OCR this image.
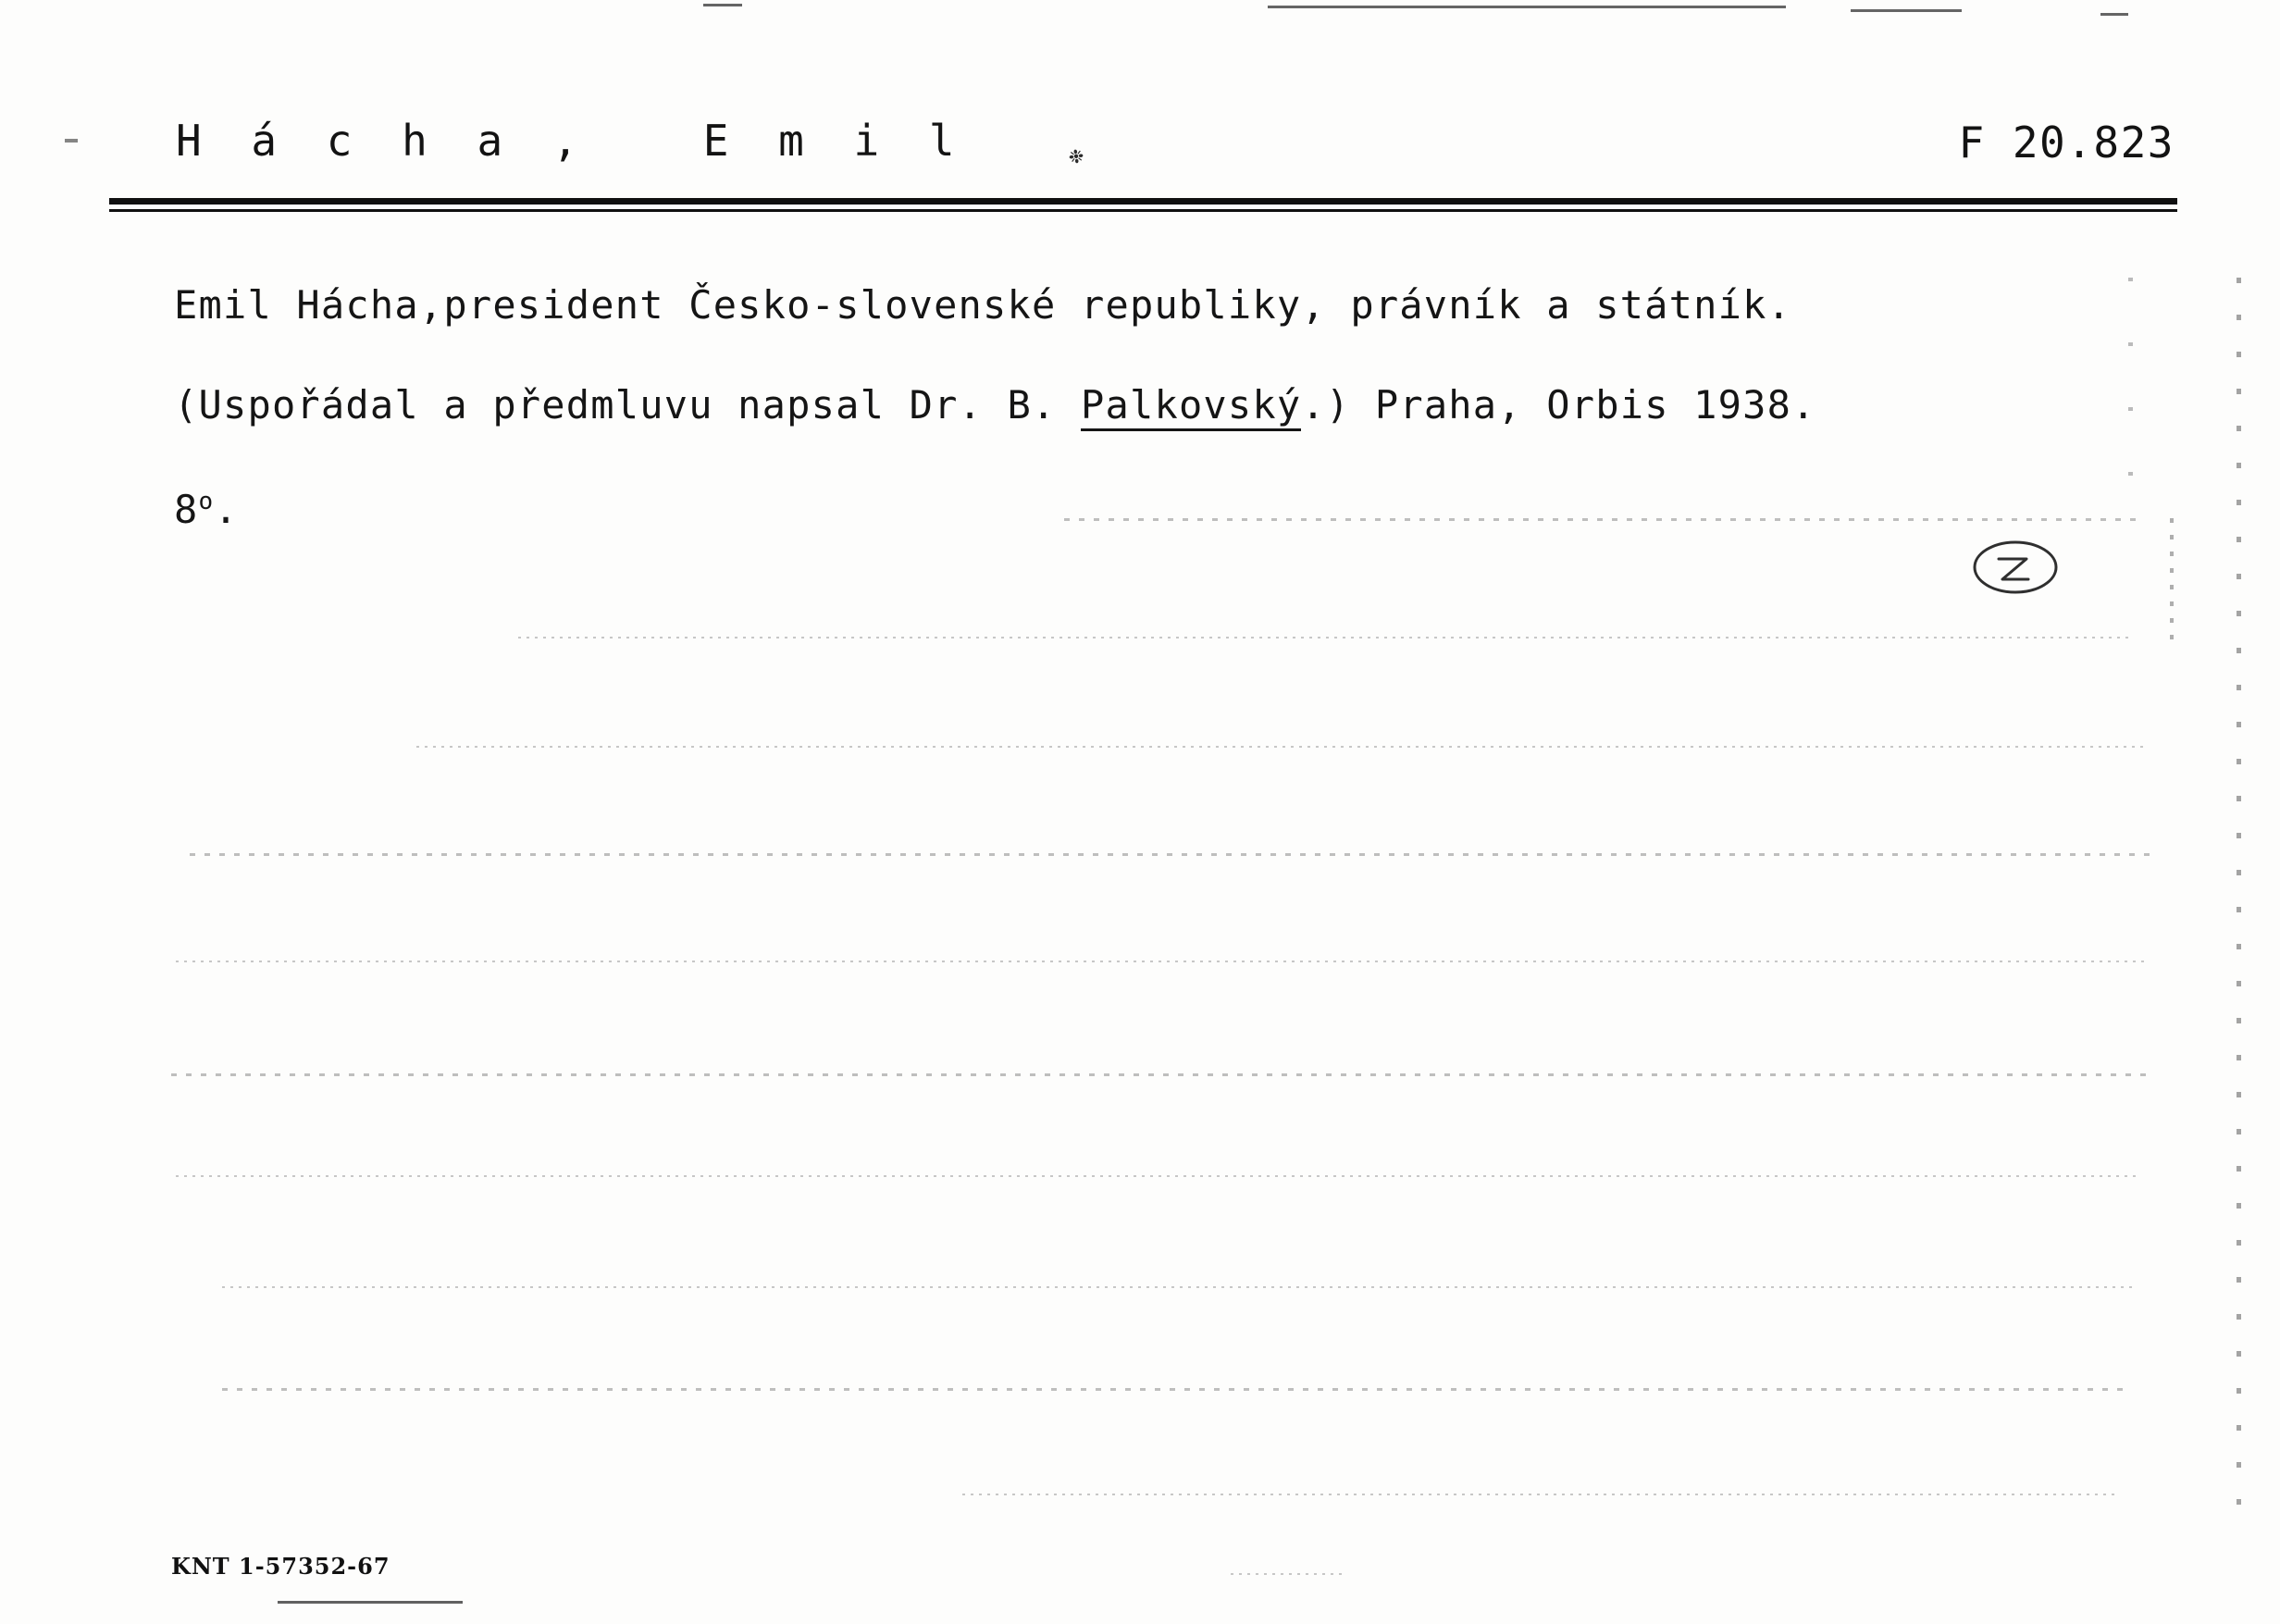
H á c h a ,   E m i l	❉	F 20.823
Emil Hácha,president Česko-slovenské republiky, právník a státník.
(Uspořádal a předmluvu napsal Dr. B. Palkovský.) Praha, Orbis 1938.
8$^o$.
KNT 1-57352-67
